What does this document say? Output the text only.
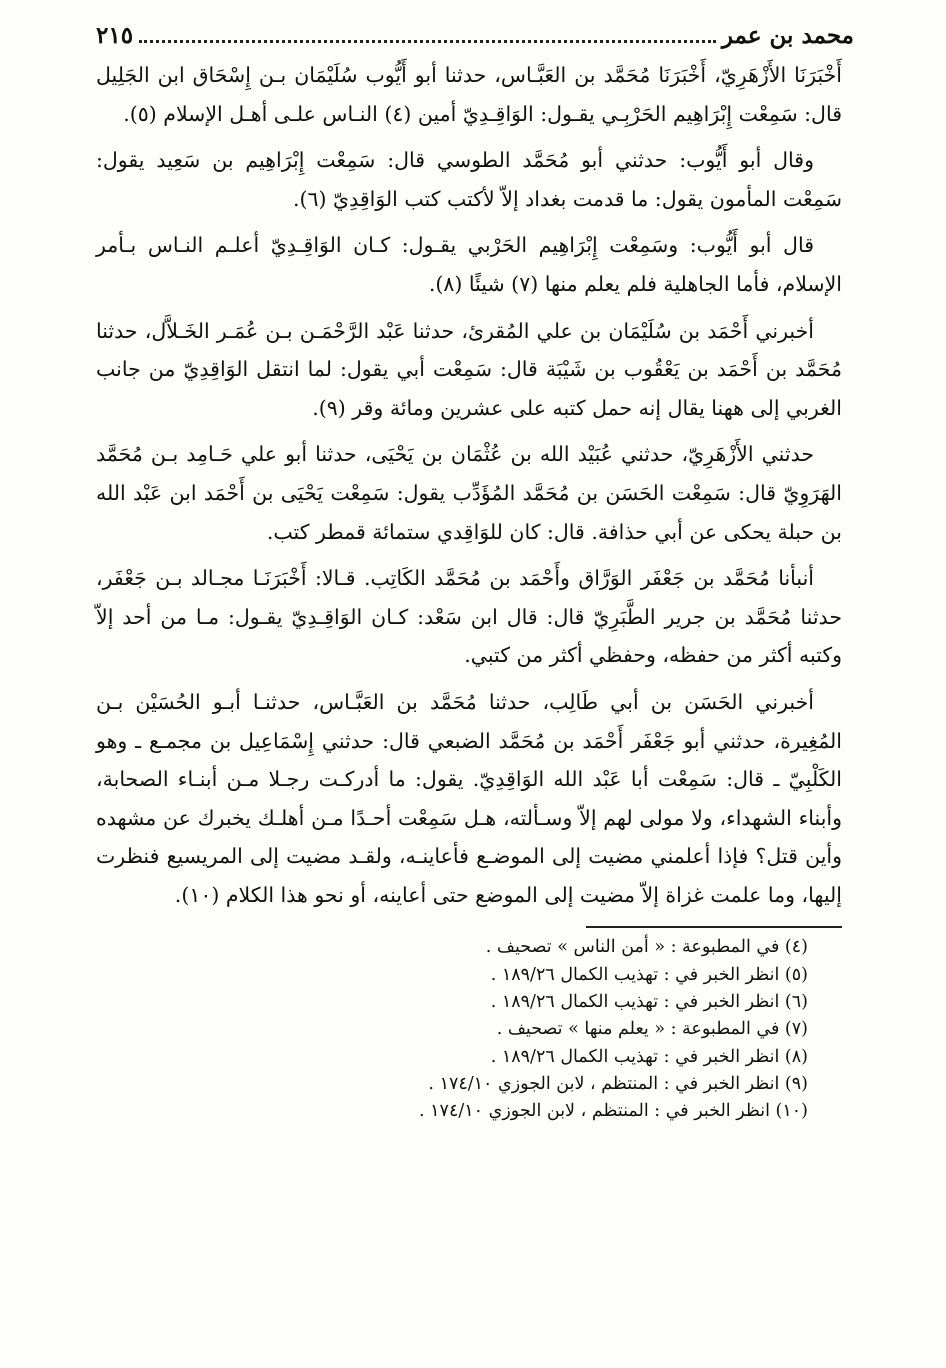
محمد بن عمر
٢١٥

أَخْبَرَنَا الأَزْهَرِيّ، أَخْبَرَنَا مُحَمَّد بن العَبَّـاس، حدثنا أبو أَيُّوب سُلَيْمَان بـن إِسْحَاق ابن الجَلِيل قال: سَمِعْت إِبْرَاهِيم الحَرْبِـي يقـول: الوَاقِـدِيّ أمين (٤) النـاس علـى أهـل الإسلام (٥).

وقال أبو أَيُّوب: حدثني أبو مُحَمَّد الطوسي قال: سَمِعْت إِبْرَاهِيم بن سَعِيد يقول: سَمِعْت المأمون يقول: ما قدمت بغداد إلاّ لأكتب كتب الوَاقِدِيّ (٦).

قال أبو أَيُّوب: وسَمِعْت إِبْرَاهِيم الحَرْبي يقـول: كـان الوَاقِـدِيّ أعلـم النـاس بـأمر الإسلام، فأما الجاهلية فلم يعلم منها (٧) شيئًا (٨).

أخبرني أَحْمَد بن سُلَيْمَان بن علي المُقرئ، حدثنا عَبْد الرَّحْمَـن بـن عُمَـر الخَـلاَّل، حدثنا مُحَمَّد بن أَحْمَد بن يَعْقُوب بن شَيْبَة قال: سَمِعْت أبي يقول: لما انتقل الوَاقِدِيّ من جانب الغربي إلى ههنا يقال إنه حمل كتبه على عشرين ومائة وقر (٩).

حدثني الأَزْهَرِيّ، حدثني عُبَيْد الله بن عُثْمَان بن يَحْيَى، حدثنا أبو علي حَـامِد بـن مُحَمَّد الهَرَوِيّ قال: سَمِعْت الحَسَن بن مُحَمَّد المُؤَدِّب يقول: سَمِعْت يَحْيَى بن أَحْمَد ابن عَبْد الله بن حبلة يحكى عن أبي حذافة. قال: كان للوَاقِدي ستمائة قمطر كتب.

أنبأنا مُحَمَّد بن جَعْفَر الوَرَّاق وأَحْمَد بن مُحَمَّد الكَاتِب. قـالا: أَخْبَرَنَـا مجـالد بـن جَعْفَر، حدثنا مُحَمَّد بن جرير الطَّبَرِيّ قال: قال ابن سَعْد: كـان الوَاقِـدِيّ يقـول: مـا من أحد إلاّ وكتبه أكثر من حفظه، وحفظي أكثر من كتبي.

أخبرني الحَسَن بن أبي طَالِب، حدثنا مُحَمَّد بن العَبَّـاس، حدثنـا أبـو الحُسَيْن بـن المُغِيرة، حدثني أبو جَعْفَر أَحْمَد بن مُحَمَّد الضبعي قال: حدثني إِسْمَاعِيل بن مجمـع ـ وهو الكَلْبِيّ ـ قال: سَمِعْت أبا عَبْد الله الوَاقِدِيّ. يقول: ما أدركـت رجـلا مـن أبنـاء الصحابة، وأبناء الشهداء، ولا مولى لهم إلاّ وسـألته، هـل سَمِعْت أحـدًا مـن أهلـك يخبرك عن مشهده وأين قتل؟ فإذا أعلمني مضيت إلى الموضـع فأعاينـه، ولقـد مضيت إلى المريسيع فنظرت إليها، وما علمت غزاة إلاّ مضيت إلى الموضع حتى أعاينه، أو نحو هذا الكلام (١٠).

(٤) في المطبوعة : « أمن الناس » تصحيف .
(٥) انظر الخبر في : تهذيب الكمال ١٨٩/٢٦ .
(٦) انظر الخبر في : تهذيب الكمال ١٨٩/٢٦ .
(٧) في المطبوعة : « يعلم منها » تصحيف .
(٨) انظر الخبر في : تهذيب الكمال ١٨٩/٢٦ .
(٩) انظر الخبر في : المنتظم ، لابن الجوزي ١٧٤/١٠ .
(١٠) انظر الخبر في : المنتظم ، لابن الجوزي ١٧٤/١٠ .
